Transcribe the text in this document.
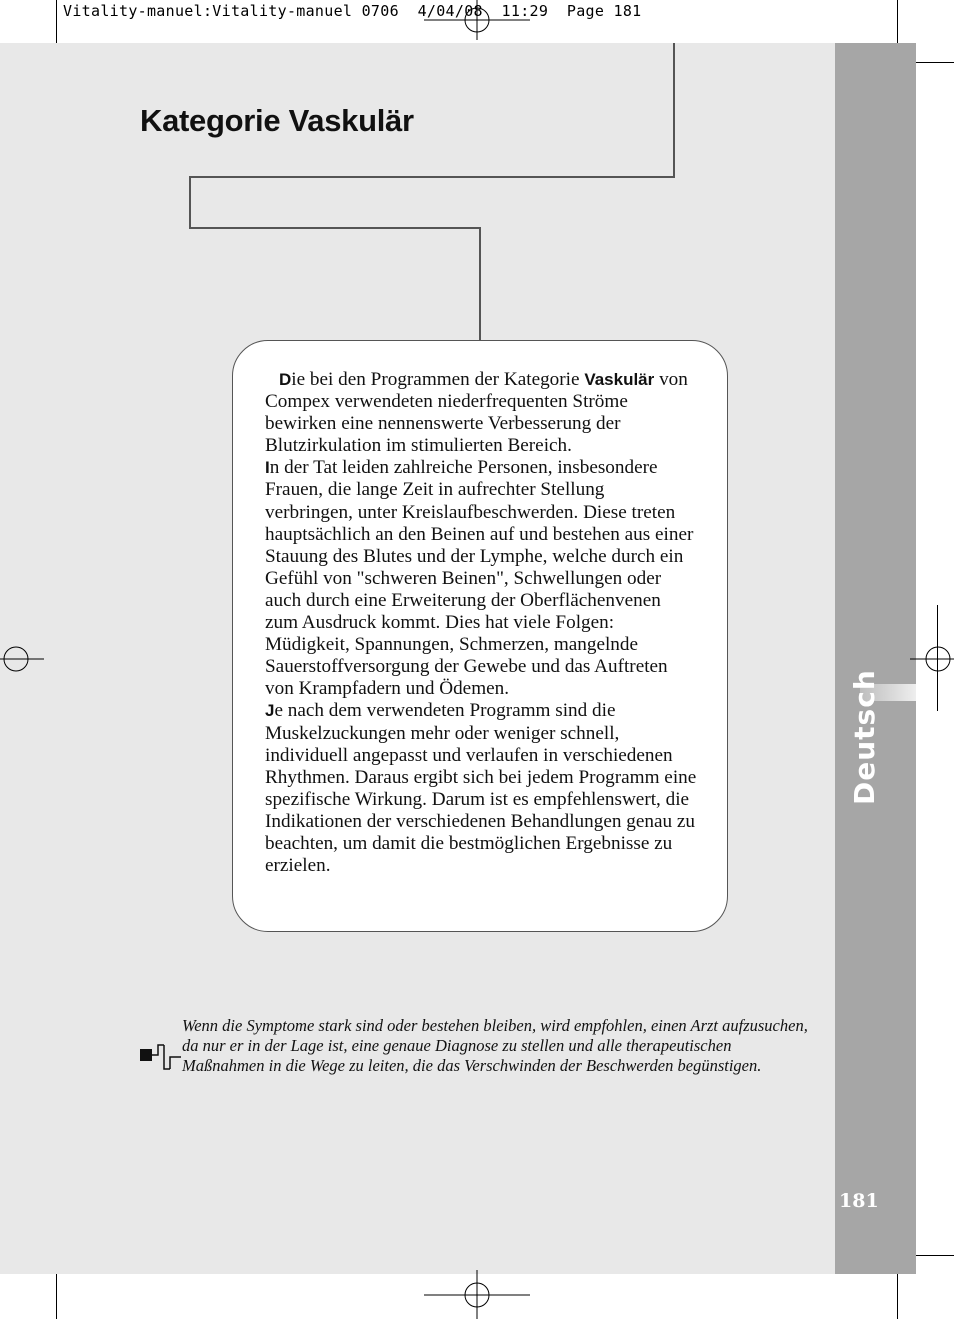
Vitality-manuel:Vitality-manuel 0706  4/04/08  11:29  Page 181
Deutsch
181
Kategorie Vaskulär

Die bei den Programmen der Kategorie Vaskulär von Compex verwendeten niederfrequenten Ströme bewirken eine nennenswerte Verbesserung der Blutzirkulation im stimulierten Bereich.

In der Tat leiden zahlreiche Personen, insbesondere Frauen, die lange Zeit in aufrechter Stellung verbringen, unter Kreislaufbeschwerden. Diese treten hauptsächlich an den Beinen auf und bestehen aus einer Stauung des Blutes und der Lymphe, welche durch ein Gefühl von "schweren Beinen", Schwellungen oder auch durch eine Erweiterung der Oberflächenvenen zum Ausdruck kommt. Dies hat viele Folgen: Müdigkeit, Spannungen, Schmerzen, mangelnde Sauerstoffversorgung der Gewebe und das Auftreten von Krampfadern und Ödemen.

Je nach dem verwendeten Programm sind die Muskelzuckungen mehr oder weniger schnell, individuell angepasst und verlaufen in verschiedenen Rhythmen. Daraus ergibt sich bei jedem Programm eine spezifische Wirkung. Darum ist es empfehlenswert, die Indikationen der verschiedenen Behandlungen genau zu beachten, um damit die bestmöglichen Ergebnisse zu erzielen.

Wenn die Symptome stark sind oder bestehen bleiben, wird empfohlen, einen Arzt aufzusuchen, da nur er in der Lage ist, eine genaue Diagnose zu stellen und alle therapeutischen Maßnahmen in die Wege zu leiten, die das Verschwinden der Beschwerden begünstigen.
